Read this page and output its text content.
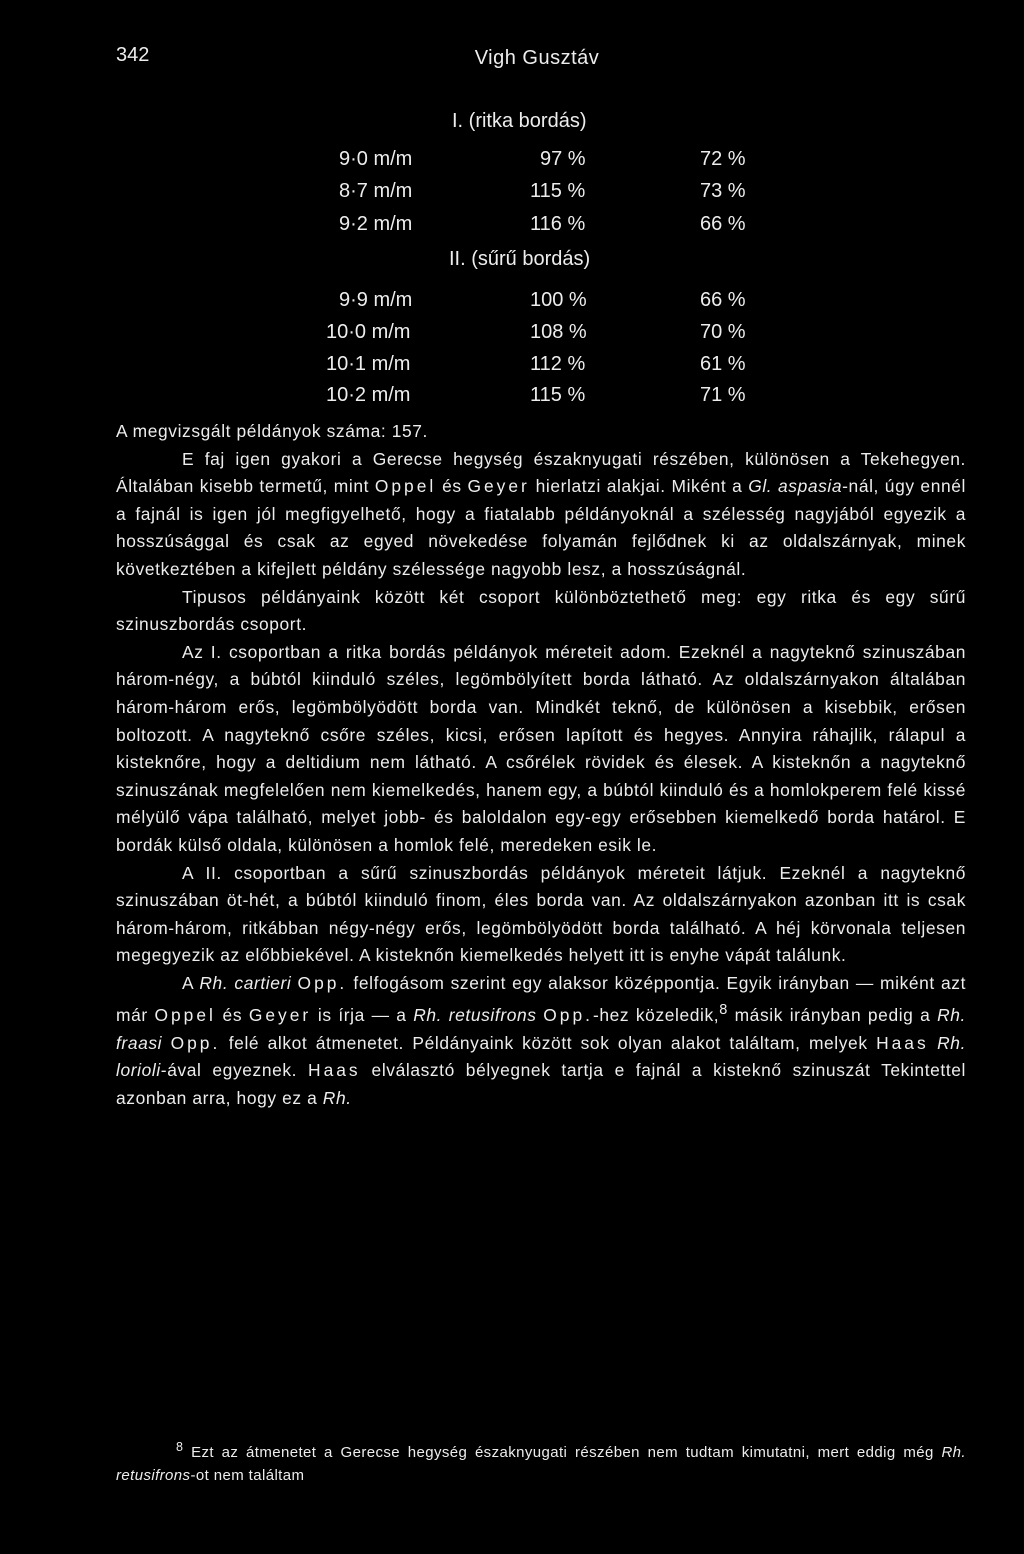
342	Vigh Gusztáv
I. (ritka bordás)
9·0 m/m	97 %	72 %
8·7 m/m	115 %	73 %
9·2 m/m	116 %	66 %
II. (sűrű bordás)
9·9 m/m	100 %	66 %
10·0 m/m	108 %	70 %
10·1 m/m	112 %	61 %
10·2 m/m	115 %	71 %

A megvizsgált példányok száma: 157.

E faj igen gyakori a Gerecse hegység északnyugati részében, különösen a Tekehegyen. Általában kisebb termetű, mint Oppel és Geyer hierlatzi alakjai. Miként a Gl. aspasia-nál, úgy ennél a fajnál is igen jól megfigyelhető, hogy a fiatalabb példányoknál a szélesség nagyjából egyezik a hosszúsággal és csak az egyed növekedése folyamán fejlődnek ki az oldalszárnyak, minek következtében a kifejlett példány szélessége nagyobb lesz, a hosszúságnál.

Tipusos példányaink között két csoport különböztethető meg: egy ritka és egy sűrű szinuszbordás csoport.

Az I. csoportban a ritka bordás példányok méreteit adom. Ezeknél a nagyteknő szinuszában három-négy, a búbtól kiinduló széles, legömbölyített borda látható. Az oldalszárnyakon általában három-három erős, legömbölyödött borda van. Mindkét teknő, de különösen a kisebbik, erősen boltozott. A nagyteknő csőre széles, kicsi, erősen lapított és hegyes. Annyira ráhajlik, rálapul a kisteknőre, hogy a deltidium nem látható. A csőrélek rövidek és élesek. A kisteknőn a nagyteknő szinuszának megfelelően nem kiemelkedés, hanem egy, a búbtól kiinduló és a homlokperem felé kissé mélyülő vápa található, melyet jobb- és baloldalon egy-egy erősebben kiemelkedő borda határol. E bordák külső oldala, különösen a homlok felé, meredeken esik le.

A II. csoportban a sűrű szinuszbordás példányok méreteit látjuk. Ezeknél a nagyteknő szinuszában öt-hét, a búbtól kiinduló finom, éles borda van. Az oldalszárnyakon azonban itt is csak három-három, ritkábban négy-négy erős, legömbölyödött borda található. A héj körvonala teljesen megegyezik az előbbiekével. A kisteknőn kiemelkedés helyett itt is enyhe vápát találunk.

A Rh. cartieri Opp. felfogásom szerint egy alaksor középpontja. Egyik irányban — miként azt már Oppel és Geyer is írja — a Rh. retusifrons Opp.-hez közeledik,$^8$ másik irányban pedig a Rh. fraasi Opp. felé alkot átmenetet. Példányaink között sok olyan alakot találtam, melyek Haas Rh. lorioli-ával egyeznek. Haas elválasztó bélyegnek tartja e fajnál a kisteknő szinuszát Tekintettel azonban arra, hogy ez a Rh.

$^8$ Ezt az átmenetet a Gerecse hegység északnyugati részében nem tudtam kimutatni, mert eddig még Rh. retusifrons-ot nem találtam
